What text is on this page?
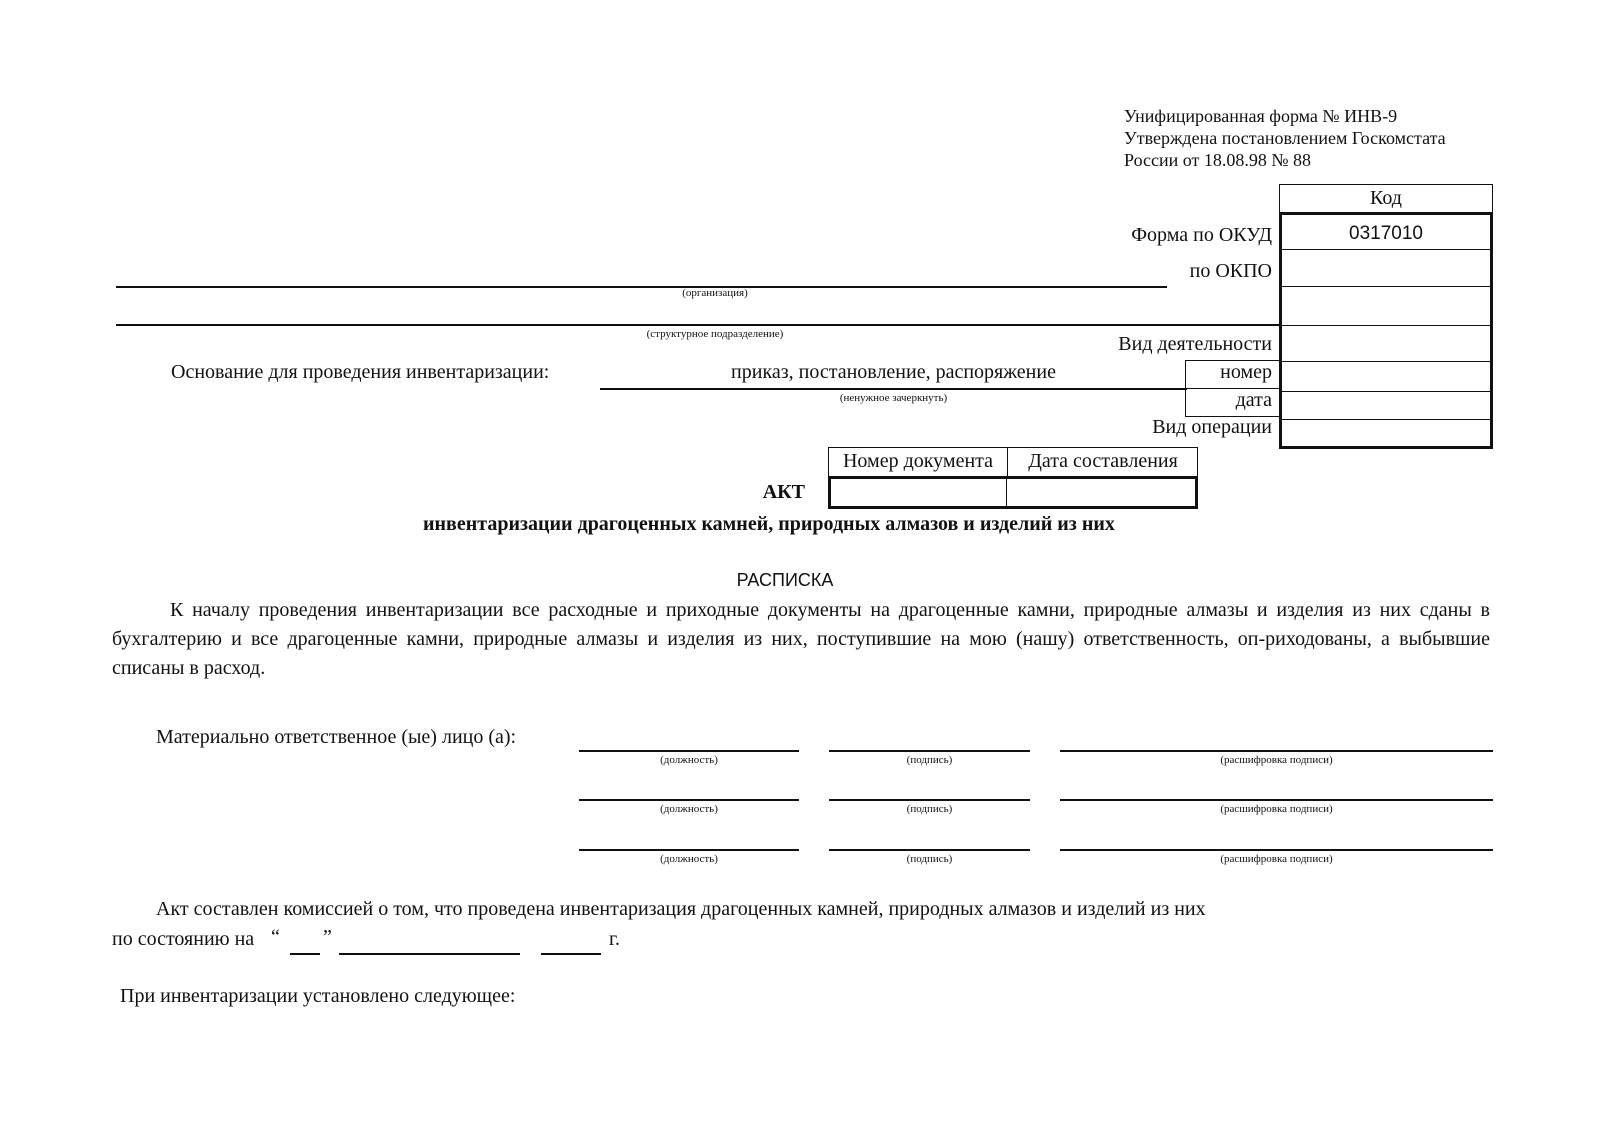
Унифицированная форма № ИНВ-9
Утверждена постановлением Госкомстата
России от 18.08.98 № 88
Код
0317010
Форма по ОКУД
по ОКПО
Вид деятельности
номер
дата
Вид операции
(организация)
(структурное подразделение)
Основание для проведения инвентаризации:	приказ, постановление, распоряжение
(ненужное зачеркнуть)
Номер документа	Дата составления
АКТ
инвентаризации драгоценных камней, природных алмазов и изделий из них
РАСПИСКА
К началу проведения инвентаризации все расходные и приходные документы на драгоценные камни, природные алмазы и изделия из них сданы в бухгалтерию и все драгоценные камни, природные алмазы и изделия из них, поступившие на мою (нашу) ответственность, оп-риходованы, а выбывшие списаны в расход.
Материально ответственное (ые) лицо (а):
(должность)	(подпись)	(расшифровка подписи)
(должность)	(подпись)	(расшифровка подписи)
(должность)	(подпись)	(расшифровка подписи)
Акт составлен комиссией о том, что проведена инвентаризация драгоценных камней, природных алмазов и изделий из них
по состоянию на “ ”	г.
При инвентаризации установлено следующее:
